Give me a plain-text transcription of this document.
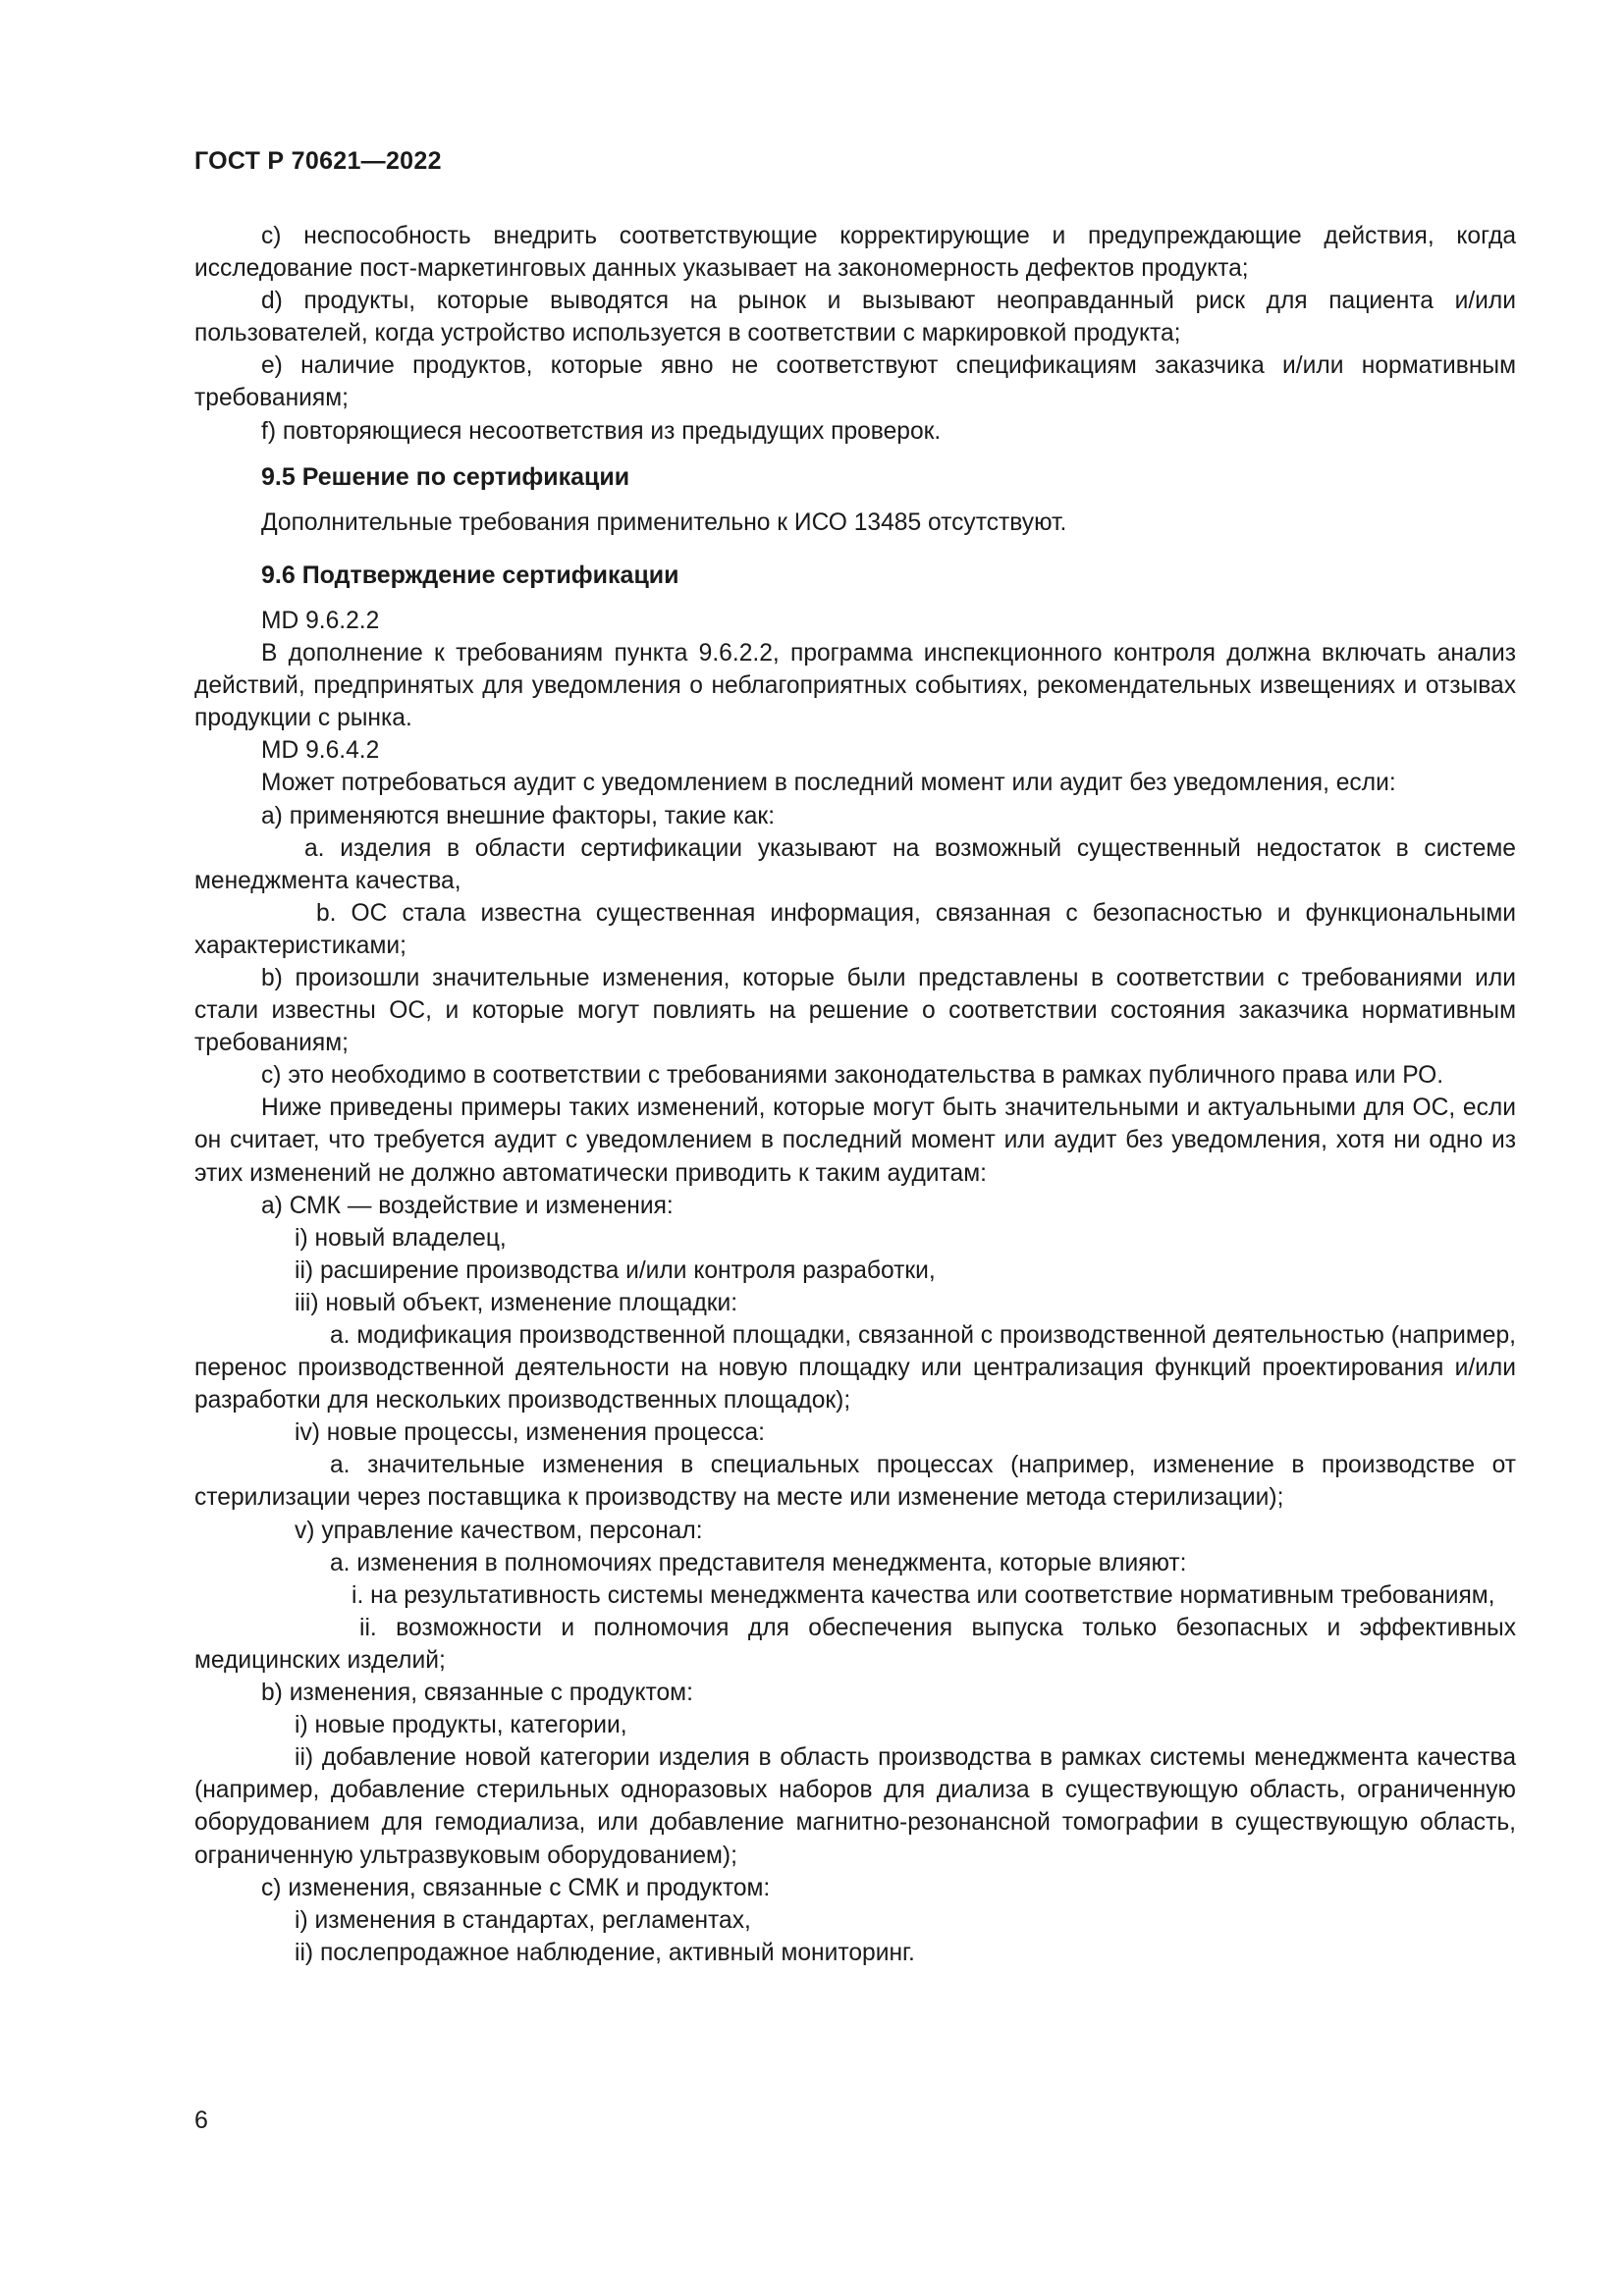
ГОСТ Р 70621—2022

с) неспособность внедрить соответствующие корректирующие и предупреждающие действия, когда исследование пост-маркетинговых данных указывает на закономерность дефектов продукта;

d) продукты, которые выводятся на рынок и вызывают неоправданный риск для пациента и/или пользователей, когда устройство используется в соответствии с маркировкой продукта;

е) наличие продуктов, которые явно не соответствуют спецификациям заказчика и/или нормативным требованиям;

f) повторяющиеся несоответствия из предыдущих проверок.

9.5 Решение по сертификации

Дополнительные требования применительно к ИСО 13485 отсутствуют.

9.6 Подтверждение сертификации

MD 9.6.2.2

В дополнение к требованиям пункта 9.6.2.2, программа инспекционного контроля должна включать анализ действий, предпринятых для уведомления о неблагоприятных событиях, рекомендательных извещениях и отзывах продукции с рынка.

MD 9.6.4.2

Может потребоваться аудит с уведомлением в последний момент или аудит без уведомления, если:

а) применяются внешние факторы, такие как:

a. изделия в области сертификации указывают на возможный существенный недостаток в системе менеджмента качества,

b. ОС стала известна существенная информация, связанная с безопасностью и функциональными характеристиками;

b) произошли значительные изменения, которые были представлены в соответствии с требованиями или стали известны ОС, и которые могут повлиять на решение о соответствии состояния заказчика нормативным требованиям;

с) это необходимо в соответствии с требованиями законодательства в рамках публичного права или РО.

Ниже приведены примеры таких изменений, которые могут быть значительными и актуальными для ОС, если он считает, что требуется аудит с уведомлением в последний момент или аудит без уведомления, хотя ни одно из этих изменений не должно автоматически приводить к таким аудитам:

а) СМК — воздействие и изменения:

i) новый владелец,

ii) расширение производства и/или контроля разработки,

iii) новый объект, изменение площадки:

a. модификация производственной площадки, связанной с производственной деятельностью (например, перенос производственной деятельности на новую площадку или централизация функций проектирования и/или разработки для нескольких производственных площадок);

iv) новые процессы, изменения процесса:

a. значительные изменения в специальных процессах (например, изменение в производстве от стерилизации через поставщика к производству на месте или изменение метода стерилизации);

v) управление качеством, персонал:

a. изменения в полномочиях представителя менеджмента, которые влияют:

i. на результативность системы менеджмента качества или соответствие нормативным требованиям,

ii. возможности и полномочия для обеспечения выпуска только безопасных и эффективных медицинских изделий;

b) изменения, связанные с продуктом:

i) новые продукты, категории,

ii) добавление новой категории изделия в область производства в рамках системы менеджмента качества (например, добавление стерильных одноразовых наборов для диализа в существующую область, ограниченную оборудованием для гемодиализа, или добавление магнитно-резонансной томографии в существующую область, ограниченную ультразвуковым оборудованием);

с) изменения, связанные с СМК и продуктом:

i) изменения в стандартах, регламентах,

ii) послепродажное наблюдение, активный мониторинг.

6
